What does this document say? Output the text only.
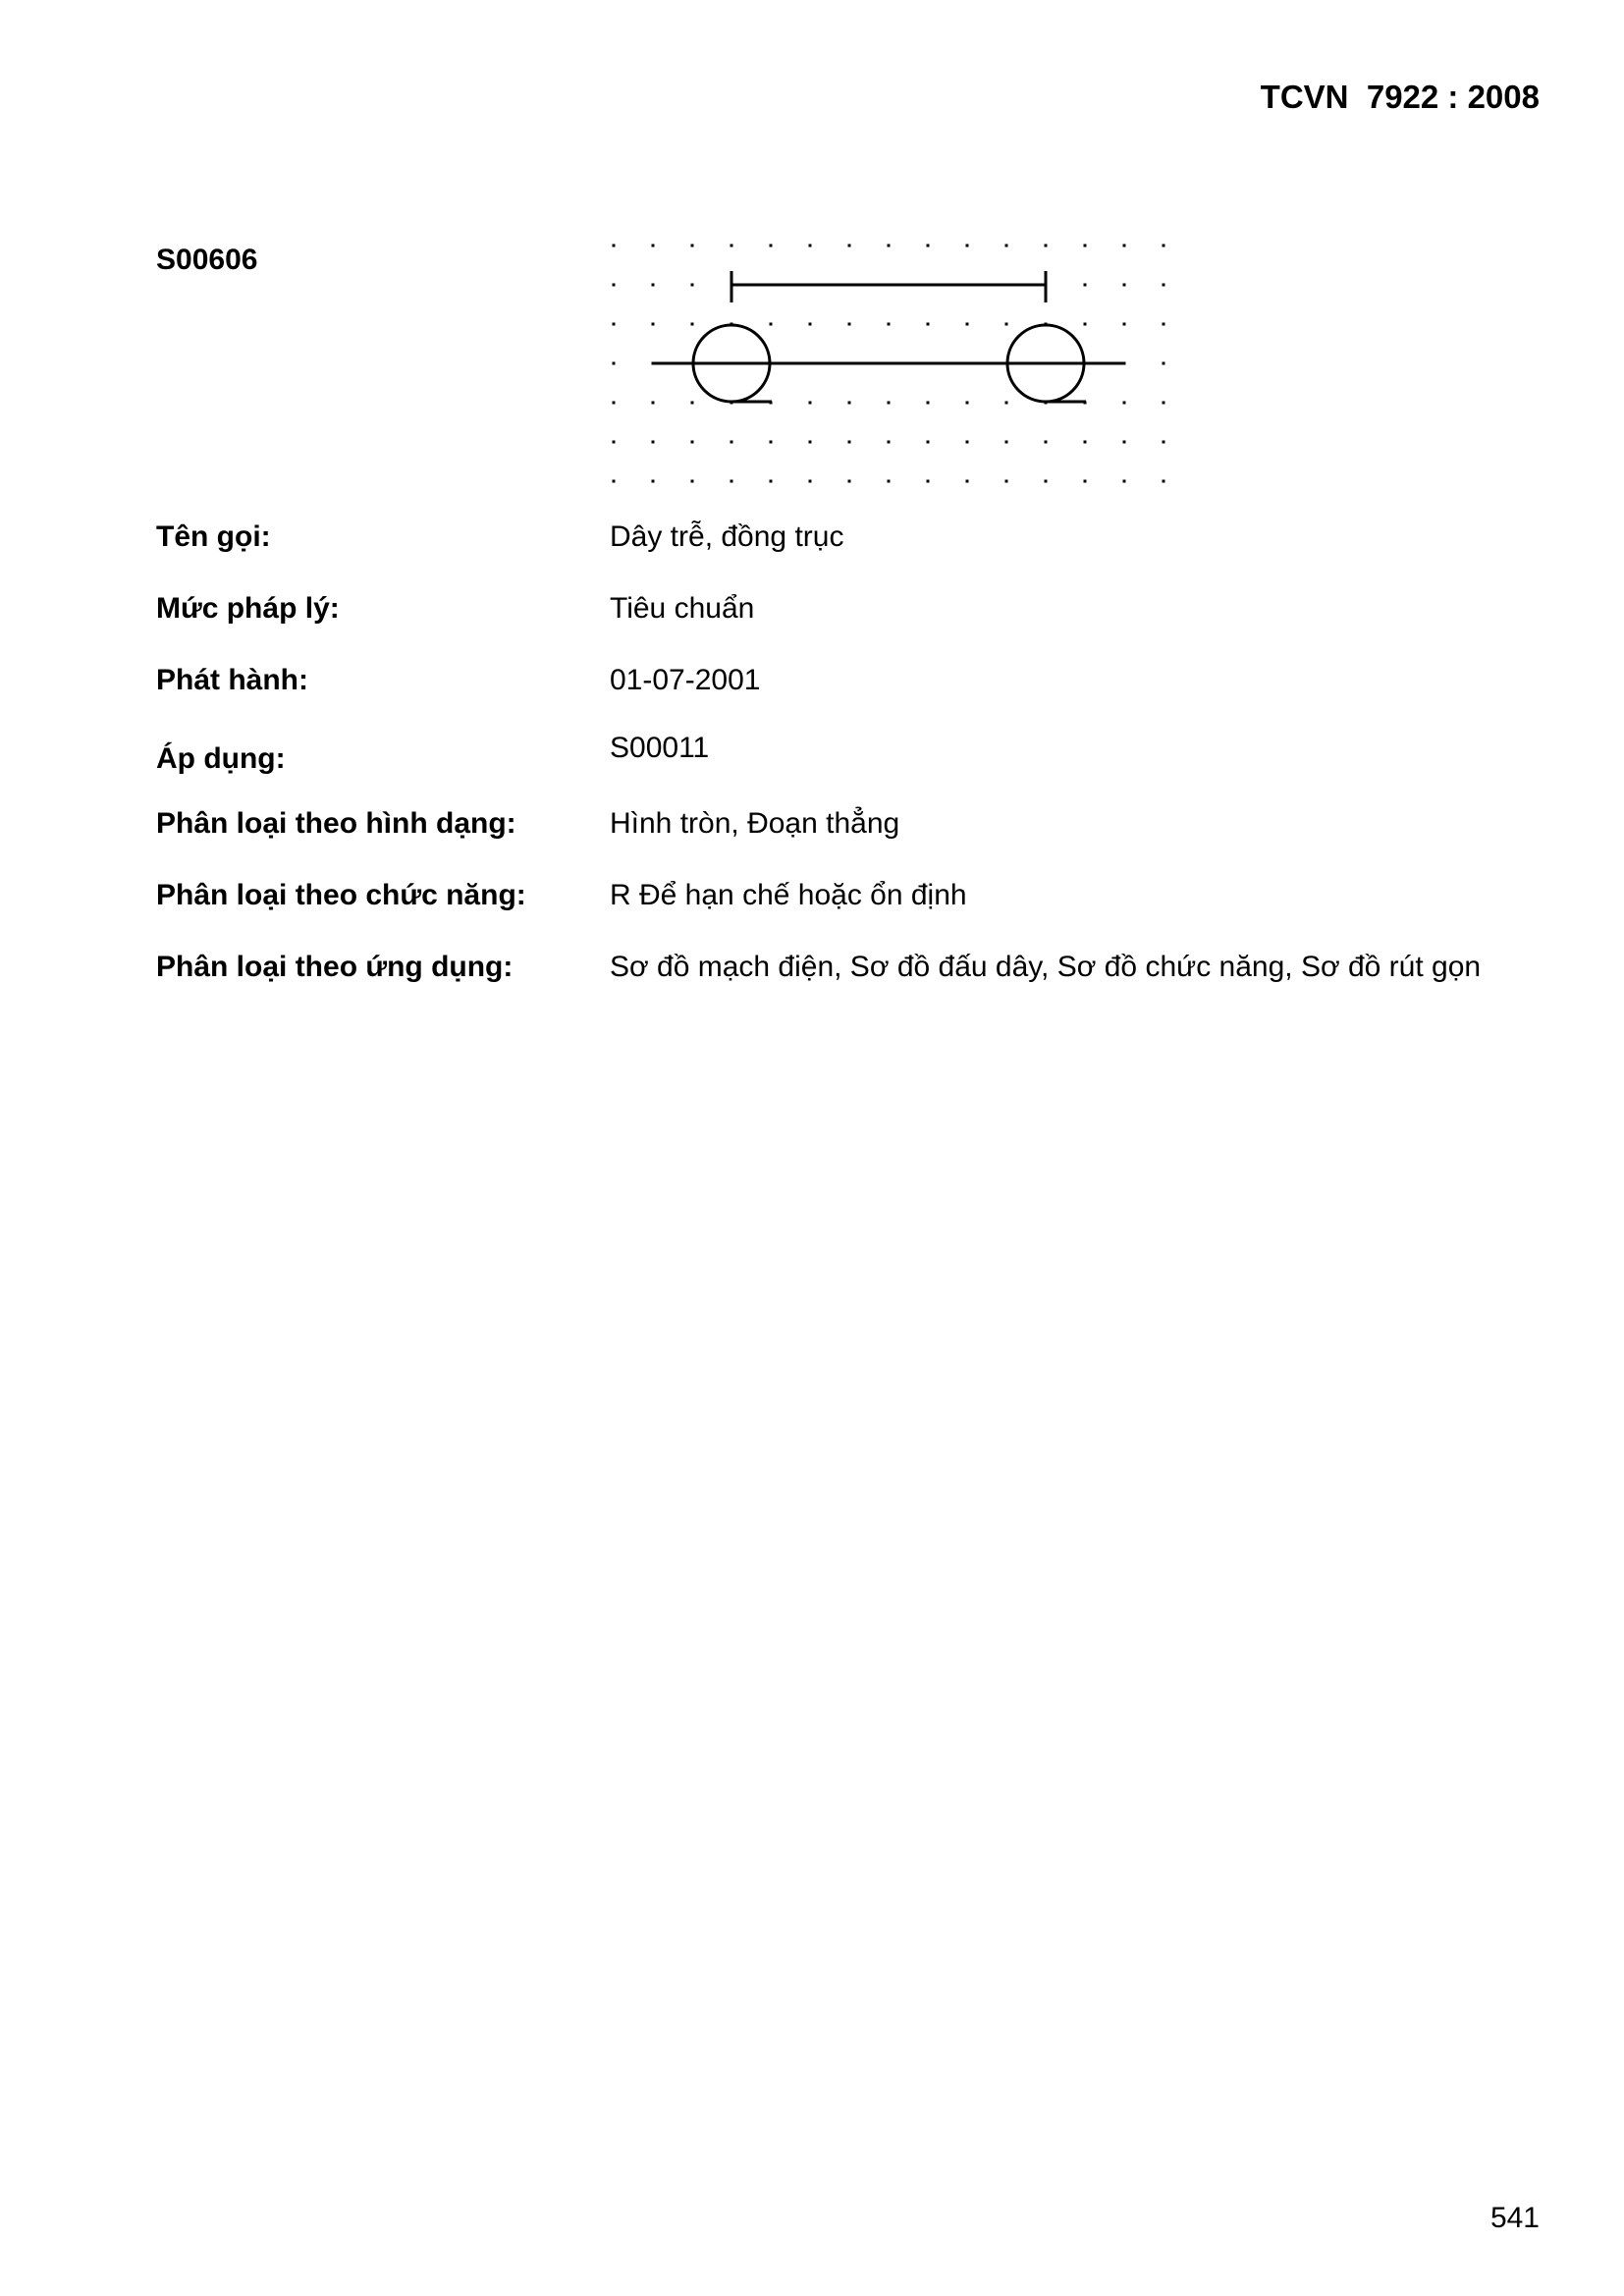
TCVN  7922 : 2008
S00606
Tên gọi:	Dây trễ, đồng trục
Mức pháp lý:	Tiêu chuẩn
Phát hành:	01-07-2001
Áp dụng:	S00011
Phân loại theo hình dạng:	Hình tròn, Đoạn thẳng
Phân loại theo chức năng:	R Để hạn chế hoặc ổn định
Phân loại theo ứng dụng:	Sơ đồ mạch điện, Sơ đồ đấu dây, Sơ đồ chức năng, Sơ đồ rút gọn
541
